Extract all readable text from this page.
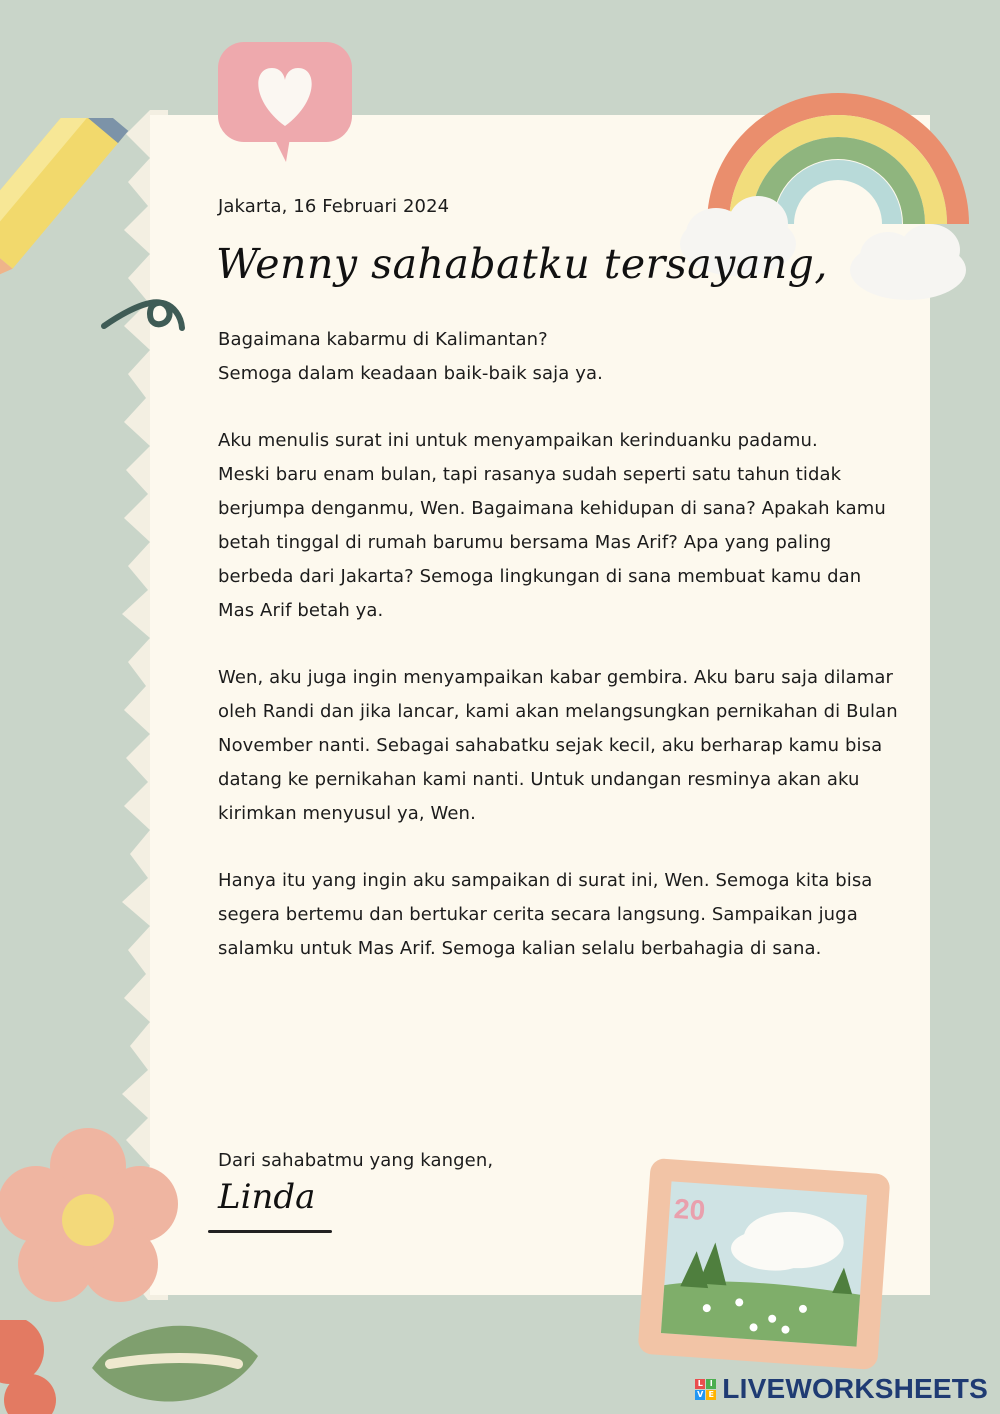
20
Jakarta, 16 Februari 2024
Wenny sahabatku tersayang,
Bagaimana kabarmu di Kalimantan?
Semoga dalam keadaan baik-baik saja ya.
Aku menulis surat ini untuk menyampaikan kerinduanku padamu.
Meski baru enam bulan, tapi rasanya sudah seperti satu tahun tidak
berjumpa denganmu, Wen. Bagaimana kehidupan di sana? Apakah kamu
betah tinggal di rumah barumu bersama Mas Arif? Apa yang paling
berbeda dari Jakarta? Semoga lingkungan di sana membuat kamu dan
Mas Arif betah ya.
Wen, aku juga ingin menyampaikan kabar gembira. Aku baru saja dilamar
oleh Randi dan jika lancar, kami akan melangsungkan pernikahan di Bulan
November nanti. Sebagai sahabatku sejak kecil, aku berharap kamu bisa
datang ke pernikahan kami nanti. Untuk undangan resminya akan aku
kirimkan menyusul ya, Wen.
Hanya itu yang ingin aku sampaikan di surat ini, Wen. Semoga kita bisa
segera bertemu dan bertukar cerita secara langsung. Sampaikan juga
salamku untuk Mas Arif. Semoga kalian selalu berbahagia di sana.
Dari sahabatmu yang kangen,
Linda
L I
V E LIVEWORKSHEETS
